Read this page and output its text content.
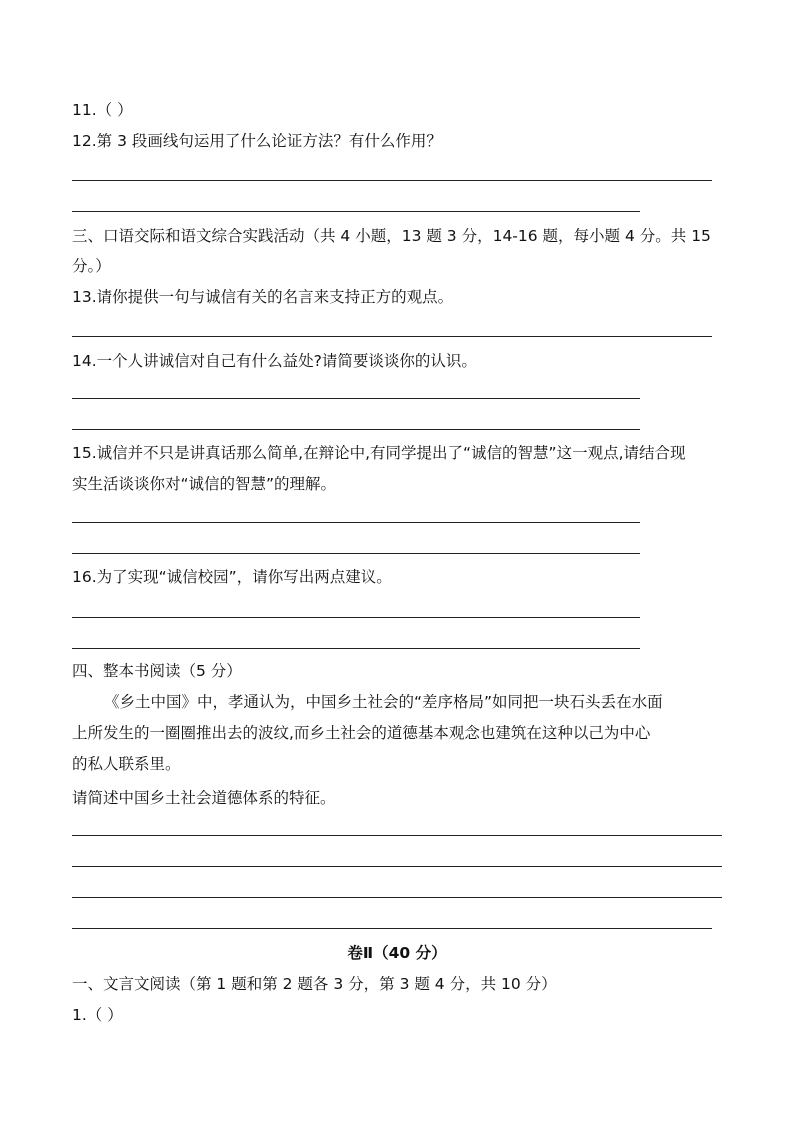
11.（ ）
12.第 3 段画线句运用了什么论证方法？有什么作用？
三、口语交际和语文综合实践活动（共 4 小题，13 题 3 分，14-16 题，每小题 4 分。共 15
分。）
13.请你提供一句与诚信有关的名言来支持正方的观点。
14.一个人讲诚信对自己有什么益处?请简要谈谈你的认识。
15.诚信并不只是讲真话那么简单,在辩论中,有同学提出了“诚信的智慧”这一观点,请结合现
实生活谈谈你对“诚信的智慧”的理解。
16.为了实现“诚信校园”，请你写出两点建议。
四、整本书阅读（5 分）
《乡土中国》中，孝通认为，中国乡土社会的“差序格局”如同把一块石头丢在水面
上所发生的一圈圈推出去的波纹,而乡土社会的道德基本观念也建筑在这种以己为中心
的私人联系里。
请简述中国乡土社会道德体系的特征。
卷Ⅱ（40 分）
一、文言文阅读（第 1 题和第 2 题各 3 分，第 3 题 4 分，共 10 分）
1.（ ）
